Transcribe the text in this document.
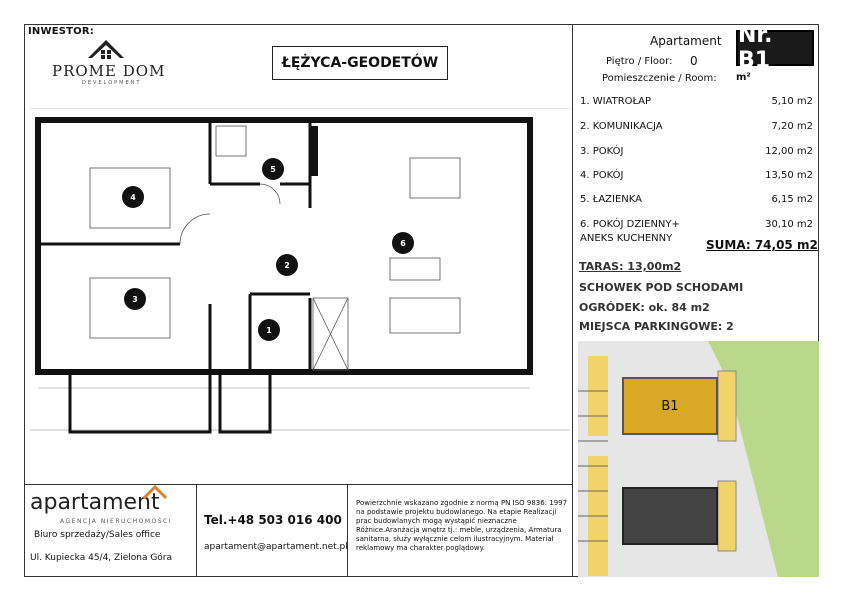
INWESTOR:
PROME DOM
DEVELOPMENT
ŁĘŻYCA-GEODETÓW
Apartament Nr. B1
Piętro / Floor: 0
Pomieszczenie / Room: m²
1. WIATROŁAP	5,10 m2
2. KOMUNIKACJA	7,20 m2
3. POKÓJ	12,00 m2
4. POKÓJ	13,50 m2
5. ŁAZIENKA	6,15 m2
6. POKÓJ DZIENNY+	30,10 m2
ANEKS KUCHENNY	SUMA: 74,05 m2
TARAS: 13,00m2
SCHOWEK POD SCHODAMI
OGRÓDEK: ok. 84 m2
MIEJSCA PARKINGOWE: 2
B1
4
3
5
2
1
6
apartament
AGENCJA NIERUCHOMOŚCI
Biuro sprzedaży/Sales office
Ul. Kupiecka 45/4, Zielona Góra
Tel.+48 503 016 400
apartament@apartament.net.pl
Powierzchnie wskazano zgodnie z normą PN ISO 9836: 1997 na podstawie projektu budowlanego. Na etapie Realizacji prac budowlanych mogą wystąpić nieznaczne Różnice.Aranżacja wnętrz tj.: meble, urządzenia, Armatura sanitarna, służy wyłącznie celom ilustracyjnym. Materiał reklamowy ma charakter poglądowy.
